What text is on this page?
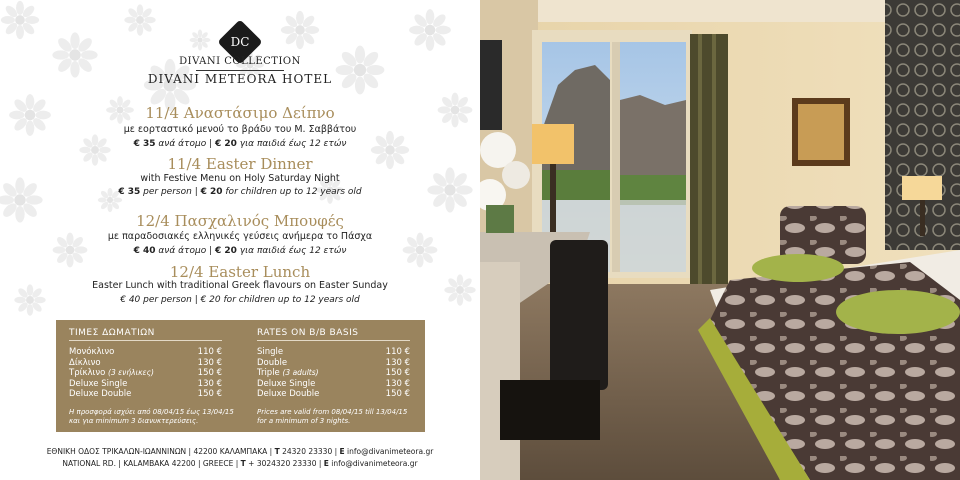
DC
DIVANI COLLECTION
DIVANI METEORA HOTEL
11/4 Αναστάσιμο Δείπνο
με εορταστικό μενού το βράδυ του Μ. Σαββάτου
€ 35 ανά άτομο | € 20 για παιδιά έως 12 ετών
11/4 Easter Dinner
with Festive Menu on Holy Saturday Night
€ 35 per person | € 20 for children up to 12 years old
12/4 Πασχαλινός Μπουφές
με παραδοσιακές ελληνικές γεύσεις ανήμερα το Πάσχα
€ 40 ανά άτομο | € 20 για παιδιά έως 12 ετών
12/4 Easter Lunch
Easter Lunch with traditional Greek flavours on Easter Sunday
€ 40 per person | € 20 for children up to 12 years old
ΤΙΜΕΣ ΔΩΜΑΤΙΩΝ	RATES ON B/B BASIS
Μονόκλινο	110 €
Δίκλινο	130 €
Τρίκλινο (3 ενήλικες)	150 €
Deluxe Single	130 €
Deluxe Double	150 €
Single	110 €
Double	130 €
Triple (3 adults)	150 €
Deluxe Single	130 €
Deluxe Double	150 €
Η προσφορά ισχύει από 08/04/15 έως 13/04/15
και για minimum 3 διανυκτερεύσεις.
Prices are valid from 08/04/15 till 13/04/15
for a minimum of 3 nights.
ΕΘΝΙΚΗ ΟΔΟΣ ΤΡΙΚΑΛΩΝ-ΙΩΑΝΝΙΝΩΝ | 42200 ΚΑΛΑΜΠΑΚΑ | T 24320 23330 | E info@divanimeteora.gr
NATIONAL RD. | KALAMBAKA 42200 | GREECE | T + 3024320 23330 | E info@divanimeteora.gr
